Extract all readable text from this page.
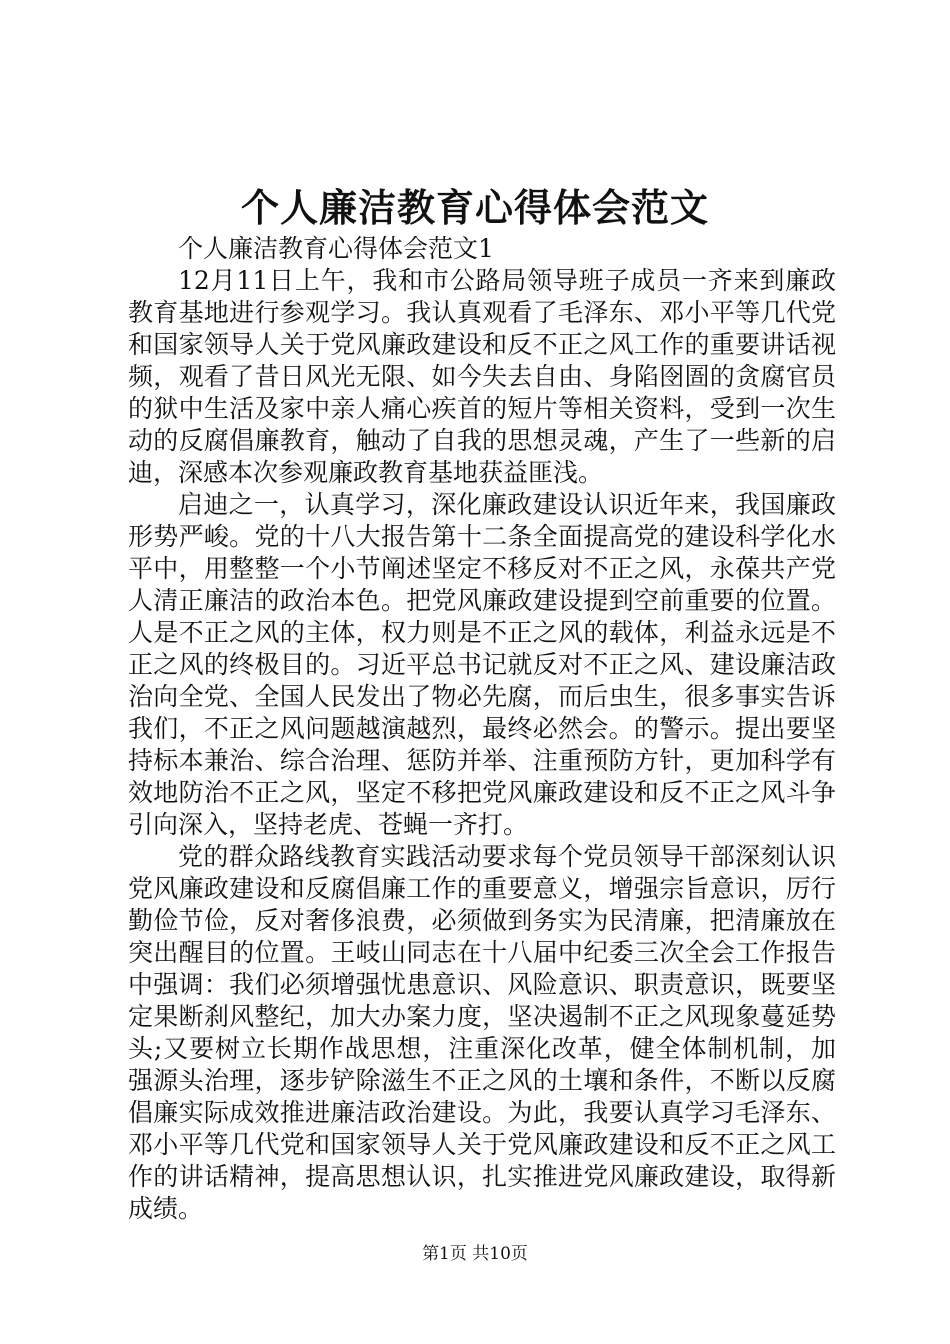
个人廉洁教育心得体会范文

个人廉洁教育心得体会范文1

12月11日上午，我和市公路局领导班子成员一齐来到廉政教育基地进行参观学习。我认真观看了毛泽东、邓小平等几代党和国家领导人关于党风廉政建设和反不正之风工作的重要讲话视频，观看了昔日风光无限、如今失去自由、身陷囹圄的贪腐官员的狱中生活及家中亲人痛心疾首的短片等相关资料，受到一次生动的反腐倡廉教育，触动了自我的思想灵魂，产生了一些新的启迪，深感本次参观廉政教育基地获益匪浅。

启迪之一，认真学习，深化廉政建设认识近年来，我国廉政形势严峻。党的十八大报告第十二条全面提高党的建设科学化水平中，用整整一个小节阐述坚定不移反对不正之风，永葆共产党人清正廉洁的政治本色。把党风廉政建设提到空前重要的位置。人是不正之风的主体，权力则是不正之风的载体，利益永远是不正之风的终极目的。习近平总书记就反对不正之风、建设廉洁政治向全党、全国人民发出了物必先腐，而后虫生，很多事实告诉我们，不正之风问题越演越烈，最终必然会。的警示。提出要坚持标本兼治、综合治理、惩防并举、注重预防方针，更加科学有效地防治不正之风，坚定不移把党风廉政建设和反不正之风斗争引向深入，坚持老虎、苍蝇一齐打。

党的群众路线教育实践活动要求每个党员领导干部深刻认识党风廉政建设和反腐倡廉工作的重要意义，增强宗旨意识，厉行勤俭节俭，反对奢侈浪费，必须做到务实为民清廉，把清廉放在突出醒目的位置。王岐山同志在十八届中纪委三次全会工作报告中强调：我们必须增强忧患意识、风险意识、职责意识，既要坚定果断刹风整纪，加大办案力度，坚决遏制不正之风现象蔓延势头;又要树立长期作战思想，注重深化改革，健全体制机制，加强源头治理，逐步铲除滋生不正之风的土壤和条件，不断以反腐倡廉实际成效推进廉洁政治建设。为此，我要认真学习毛泽东、邓小平等几代党和国家领导人关于党风廉政建设和反不正之风工作的讲话精神，提高思想认识，扎实推进党风廉政建设，取得新成绩。

第1页 共10页
